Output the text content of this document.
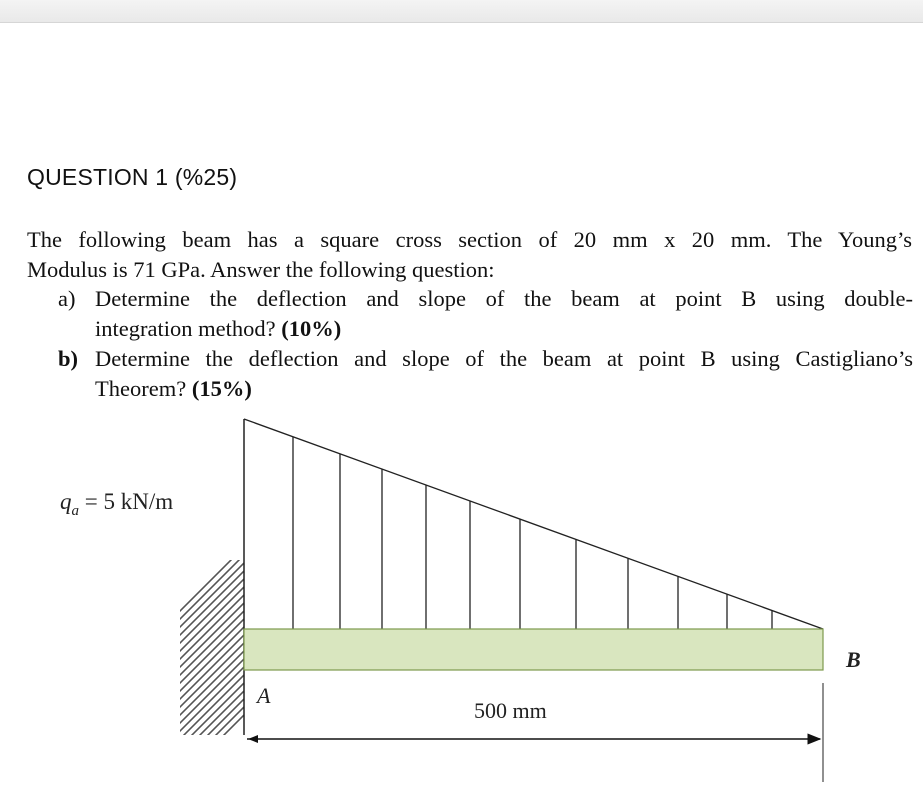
QUESTION 1 (%25)
The following beam has a square cross section of 20 mm x 20 mm. The Young’s
Modulus is 71 GPa. Answer the following question:
a) Determine the deflection and slope of the beam at point B using double-
integration method? (10%)
b) Determine the deflection and slope of the beam at point B using Castigliano’s
Theorem? (15%)
$q_a = 5$ kN/m
A
B
500 mm
